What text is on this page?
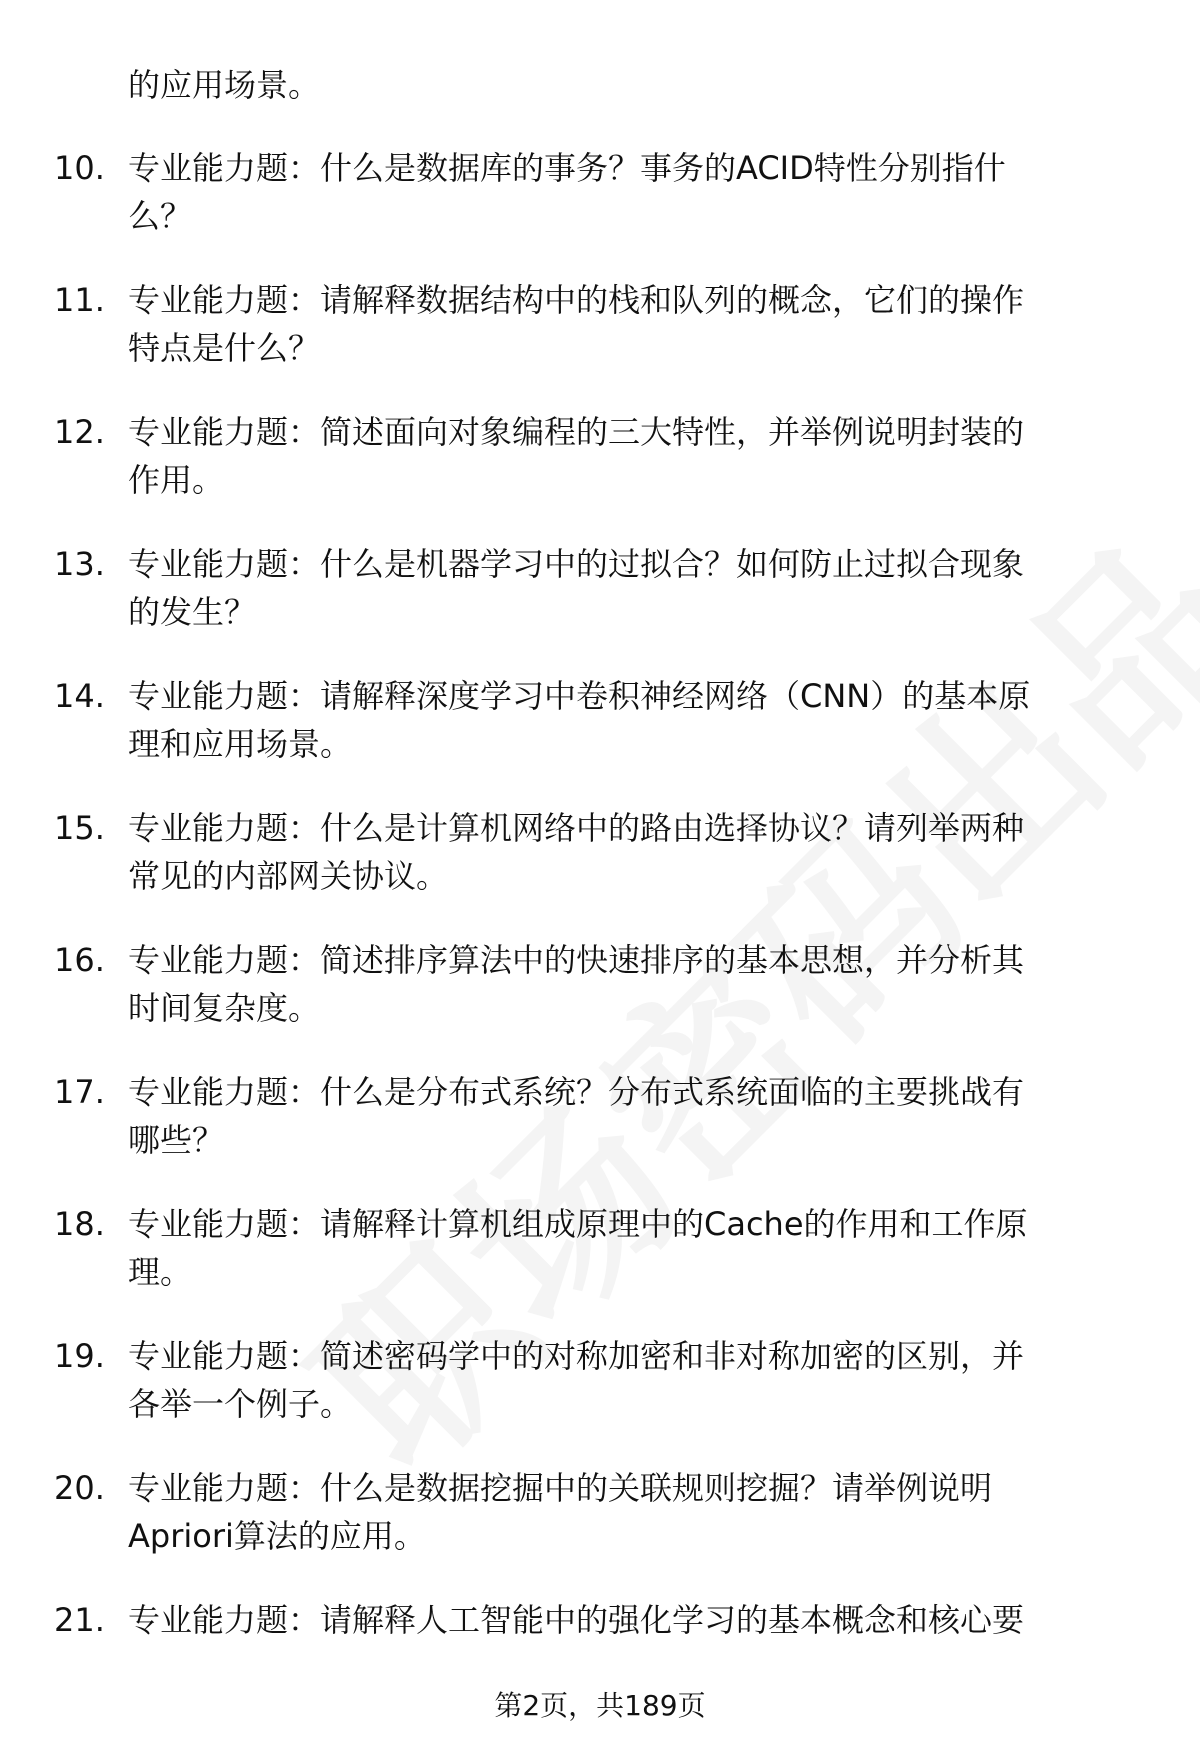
的应用场景。
10. 专业能力题：什么是数据库的事务？事务的ACID特性分别指什
么？
11. 专业能力题：请解释数据结构中的栈和队列的概念，它们的操作
特点是什么？
12. 专业能力题：简述面向对象编程的三大特性，并举例说明封装的
作用。
13. 专业能力题：什么是机器学习中的过拟合？如何防止过拟合现象
的发生？
14. 专业能力题：请解释深度学习中卷积神经网络（CNN）的基本原
理和应用场景。
15. 专业能力题：什么是计算机网络中的路由选择协议？请列举两种
常见的内部网关协议。
16. 专业能力题：简述排序算法中的快速排序的基本思想，并分析其
时间复杂度。
17. 专业能力题：什么是分布式系统？分布式系统面临的主要挑战有
哪些？
18. 专业能力题：请解释计算机组成原理中的Cache的作用和工作原
理。
19. 专业能力题：简述密码学中的对称加密和非对称加密的区别，并
各举一个例子。
20. 专业能力题：什么是数据挖掘中的关联规则挖掘？请举例说明
Apriori算法的应用。
21. 专业能力题：请解释人工智能中的强化学习的基本概念和核心要
第2页，共189页
